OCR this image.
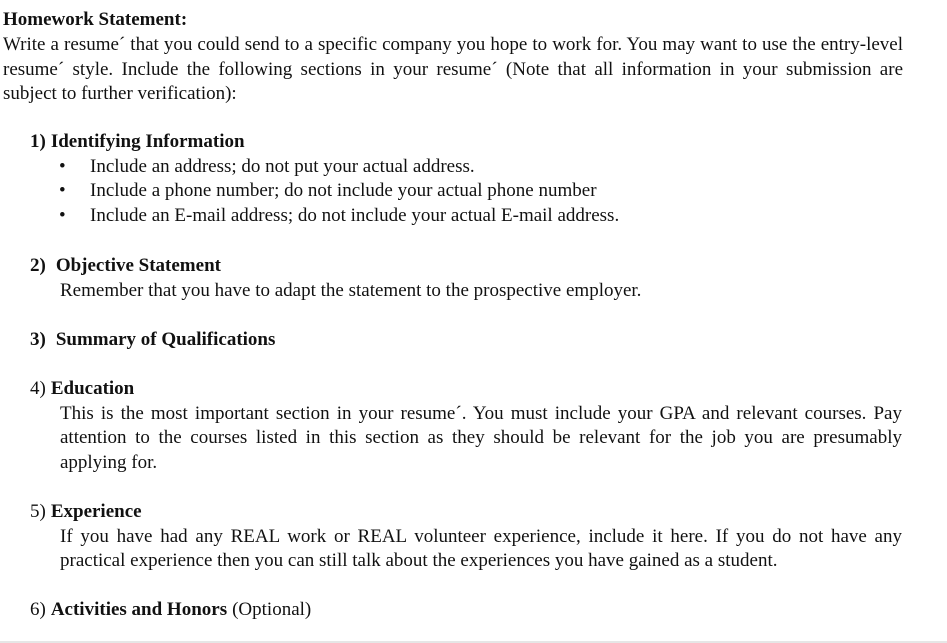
Homework Statement:
Write a resume´ that you could send to a specific company you hope to work for. You may want to use the entry-level resume´ style. Include the following sections in your resume´ (Note that all information in your submission are subject to further verification):
1) Identifying Information
• Include an address; do not put your actual address.
• Include a phone number; do not include your actual phone number
• Include an E-mail address; do not include your actual E-mail address.
2) Objective Statement
Remember that you have to adapt the statement to the prospective employer.
3) Summary of Qualifications
4) Education
This is the most important section in your resume´. You must include your GPA and relevant courses. Pay attention to the courses listed in this section as they should be relevant for the job you are presumably applying for.
5) Experience
If you have had any REAL work or REAL volunteer experience, include it here. If you do not have any practical experience then you can still talk about the experiences you have gained as a student.
6) Activities and Honors (Optional)
